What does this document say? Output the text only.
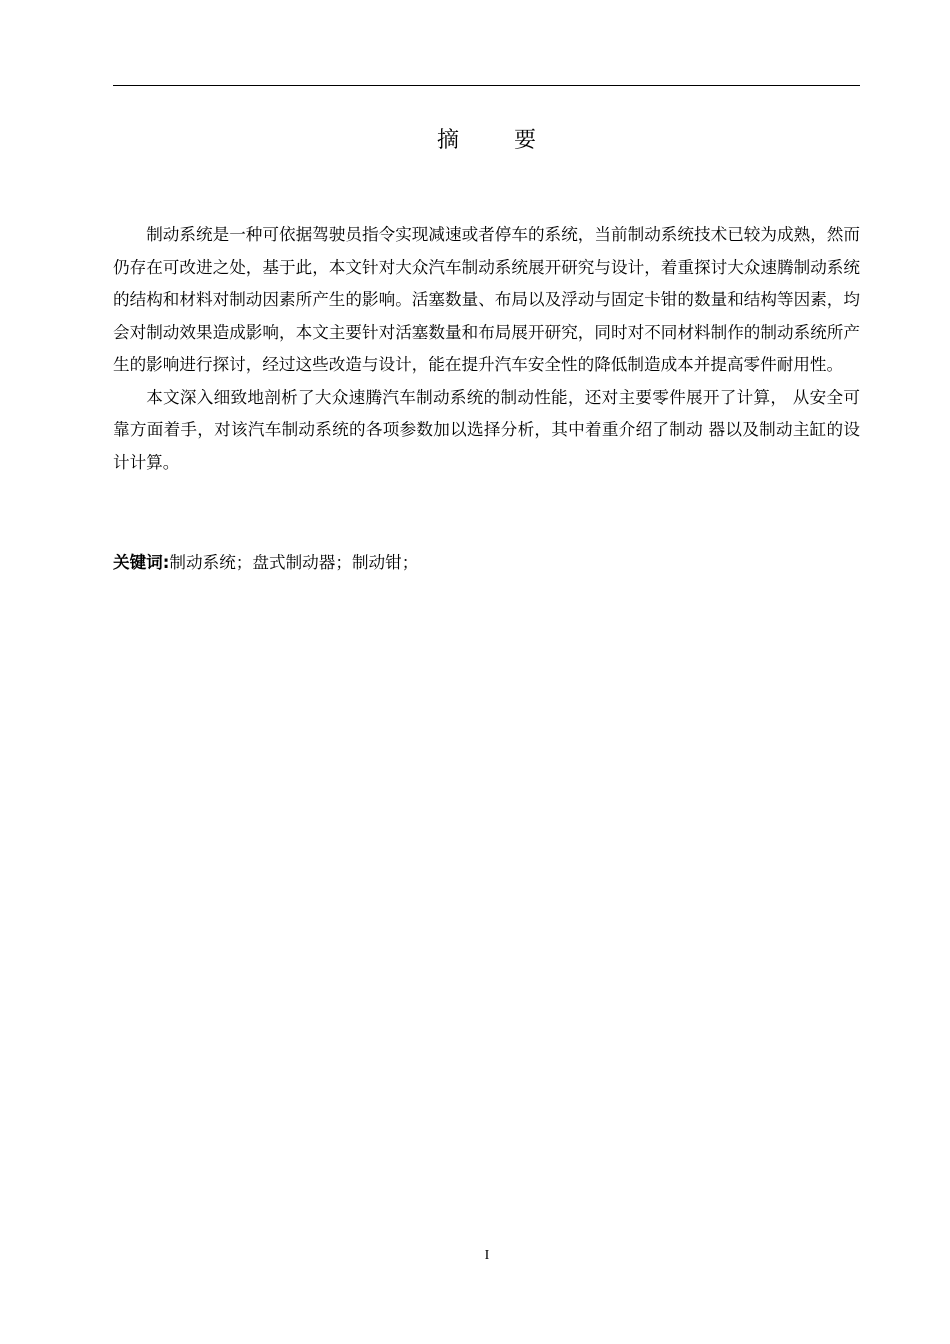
摘 要

制动系统是一种可依据驾驶员指令实现减速或者停车的系统，当前制动系统技术已较为成熟，然而仍存在可改进之处，基于此，本文针对大众汽车制动系统展开研究与设计，着重探讨大众速腾制动系统的结构和材料对制动因素所产生的影响。活塞数量、布局以及浮动与固定卡钳的数量和结构等因素，均会对制动效果造成影响，本文主要针对活塞数量和布局展开研究，同时对不同材料制作的制动系统所产生的影响进行探讨，经过这些改造与设计，能在提升汽车安全性的降低制造成本并提高零件耐用性。

本文深入细致地剖析了大众速腾汽车制动系统的制动性能，还对主要零件展开了计算， 从安全可靠方面着手，对该汽车制动系统的各项参数加以选择分析，其中着重介绍了制动 器以及制动主缸的设计计算。

关键词:制动系统；盘式制动器；制动钳；
I
